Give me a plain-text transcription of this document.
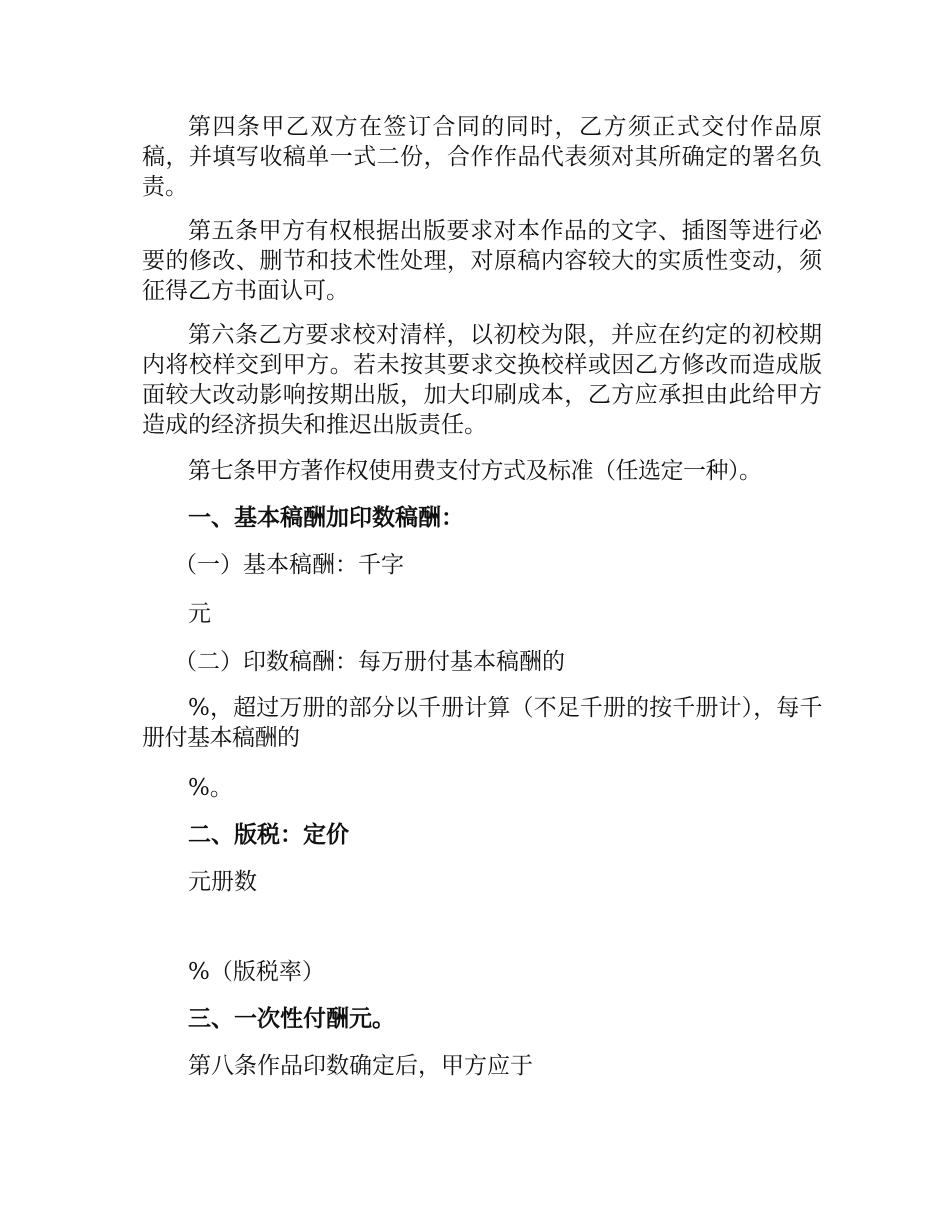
第四条甲乙双方在签订合同的同时，乙方须正式交付作品原稿，并填写收稿单一式二份，合作作品代表须对其所确定的署名负责。

第五条甲方有权根据出版要求对本作品的文字、插图等进行必要的修改、删节和技术性处理，对原稿内容较大的实质性变动，须征得乙方书面认可。

第六条乙方要求校对清样，以初校为限，并应在约定的初校期内将校样交到甲方。若未按其要求交换校样或因乙方修改而造成版面较大改动影响按期出版，加大印刷成本，乙方应承担由此给甲方造成的经济损失和推迟出版责任。

第七条甲方著作权使用费支付方式及标准（任选定一种）。

一、基本稿酬加印数稿酬：

（一）基本稿酬：千字

元

（二）印数稿酬：每万册付基本稿酬的

%，超过万册的部分以千册计算（不足千册的按千册计），每千册付基本稿酬的

%。

二、版税：定价

元册数

%（版税率）

三、一次性付酬元。

第八条作品印数确定后，甲方应于
